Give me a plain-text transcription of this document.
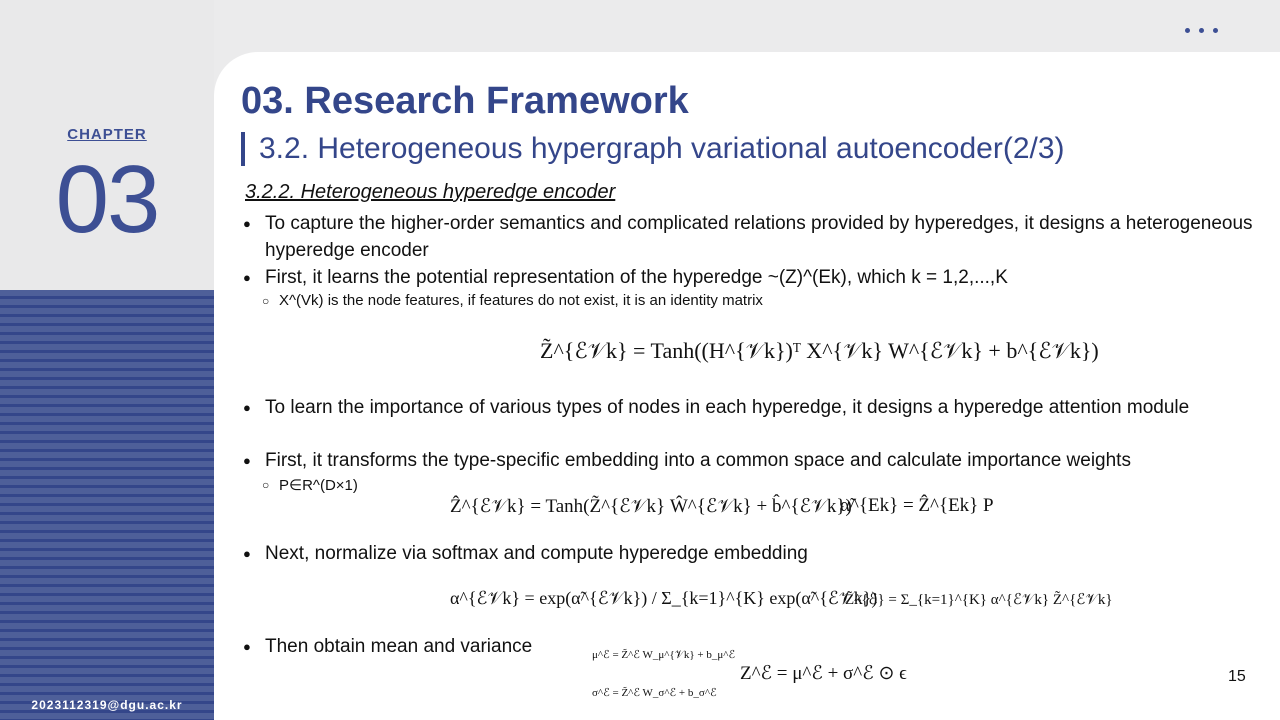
CHAPTER
03
2023112319@dgu.ac.kr
03. Research Framework
3.2. Heterogeneous hypergraph variational autoencoder(2/3)
3.2.2. Heterogeneous hyperedge encoder
● To capture the higher-order semantics and complicated relations provided by hyperedges, it designs a heterogeneous hyperedge encoder
● First, it learns the potential representation of the hyperedge ~(Z)^(Ek), which k = 1,2,...,K
○ X^(Vk) is the node features, if features do not exist, it is an identity matrix
Z̃^{ℰ𝒱k} = Tanh((H^{𝒱k})ᵀ X^{𝒱k} W^{ℰ𝒱k} + b^{ℰ𝒱k})
● To learn the importance of various types of nodes in each hyperedge, it designs a hyperedge attention module
● First, it transforms the type-specific embedding into a common space and calculate importance weights
○ P∈R^(D×1)
Ẑ^{ℰ𝒱k} = Tanh(Z̃^{ℰ𝒱k} Ŵ^{ℰ𝒱k} + b̂^{ℰ𝒱k})
α̃^{Ek} = Ẑ^{Ek} P
● Next, normalize via softmax and compute hyperedge embedding
α^{ℰ𝒱k} = exp(α̃^{ℰ𝒱k}) / Σ_{k=1}^{K} exp(α̃^{ℰ𝒱k})
Z̃^{ℰ} = Σ_{k=1}^{K} α^{ℰ𝒱k} Z̃^{ℰ𝒱k}
● Then obtain mean and variance	μ^ℰ = Z̃^ℰ W_μ^{𝒱k} + b_μ^ℰ
σ^ℰ = Z̃^ℰ W_σ^ℰ + b_σ^ℰ
Z^ℰ = μ^ℰ + σ^ℰ ⊙ ϵ	15
